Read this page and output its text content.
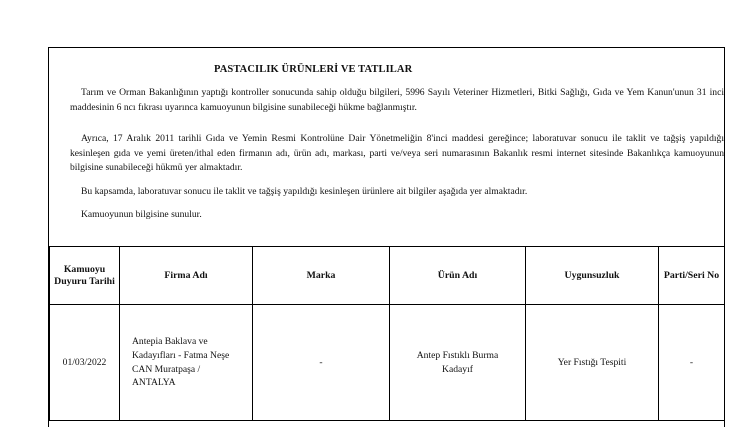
PASTACILIK ÜRÜNLERİ VE TATLILAR
Tarım ve Orman Bakanlığının yaptığı kontroller sonucunda sahip olduğu bilgileri, 5996 Sayılı Veteriner Hizmetleri, Bitki Sağlığı, Gıda ve Yem Kanun'unun 31 inci maddesinin 6 ncı fıkrası uyarınca kamuoyunun bilgisine sunabileceği hükme bağlanmıştır.
Ayrıca, 17 Aralık 2011 tarihli Gıda ve Yemin Resmi Kontrolüne Dair Yönetmeliğin 8'inci maddesi gereğince; laboratuvar sonucu ile taklit ve tağşiş yapıldığı kesinleşen gıda ve yemi üreten/ithal eden firmanın adı, ürün adı, markası, parti ve/veya seri numarasının Bakanlık resmi internet sitesinde Bakanlıkça kamuoyunun bilgisine sunabileceği hükmü yer almaktadır.
Bu kapsamda, laboratuvar sonucu ile taklit ve tağşiş yapıldığı kesinleşen ürünlere ait bilgiler aşağıda yer almaktadır.
Kamuoyunun bilgisine sunulur.
Kamuoyu Duyuru Tarihi	Firma Adı	Marka	Ürün Adı	Uygunsuzluk	Parti/Seri No
01/03/2022	Antepia Baklava ve Kadayıfları - Fatma Neşe CAN Muratpaşa / ANTALYA	-	Antep Fıstıklı Burma Kadayıf	Yer Fıstığı Tespiti	-
